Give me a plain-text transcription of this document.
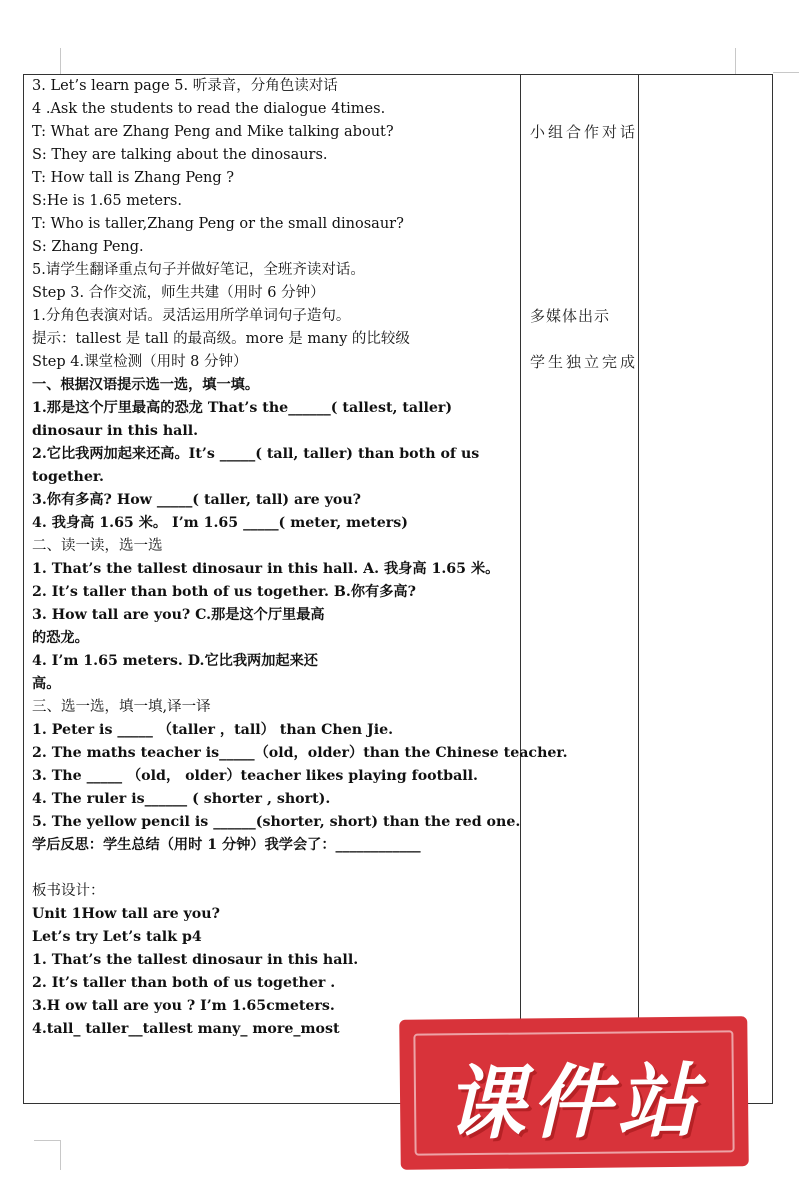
3. Let’s learn page 5. 听录音，分角色读对话
4 .Ask the students to read the dialogue 4times.
T: What are Zhang Peng and Mike talking about?
S: They are talking about the dinosaurs.
T: How tall is Zhang Peng ?
S:He is 1.65 meters.
T: Who is taller,Zhang Peng or the small dinosaur?
S: Zhang Peng.
5.请学生翻译重点句子并做好笔记，全班齐读对话。
Step 3. 合作交流，师生共建（用时 6 分钟）
1.分角色表演对话。灵活运用所学单词句子造句。
提示：tallest 是 tall 的最高级。more 是 many 的比较级
Step 4.课堂检测（用时 8 分钟）
一、根据汉语提示选一选，填一填。
1.那是这个厅里最高的恐龙 That’s the______( tallest, taller)
dinosaur in this hall.
2.它比我两加起来还高。It’s _____( tall, taller) than both of us
together.
3.你有多高? How _____( taller, tall) are you?
4. 我身高 1.65 米。 I’m 1.65 _____( meter, meters)
二、读一读，选一选
1. That’s the tallest dinosaur in this hall. A. 我身高 1.65 米。
2. It’s taller than both of us together. B.你有多高?
3. How tall are you? C.那是这个厅里最高
的恐龙。
4. I’m 1.65 meters. D.它比我两加起来还
高。
三、选一选，填一填,译一译
1. Peter is _____ （taller ，tall） than Chen Jie.
2. The maths teacher is_____（old，older）than the Chinese teacher.
3. The _____ （old， older）teacher likes playing football.
4. The ruler is______ ( shorter , short).
5. The yellow pencil is ______(shorter, short) than the red one.
学后反思：学生总结（用时 1 分钟）我学会了：____________
板书设计：
Unit 1How tall are you?
Let’s try Let’s talk p4
1. That’s the tallest dinosaur in this hall.
2. It’s taller than both of us together .
3.H ow tall are you ? I’m 1.65cmeters.
4.tall_ taller__tallest many_ more_most
小组合作对话
多媒体出示
学生独立完成
课件站
